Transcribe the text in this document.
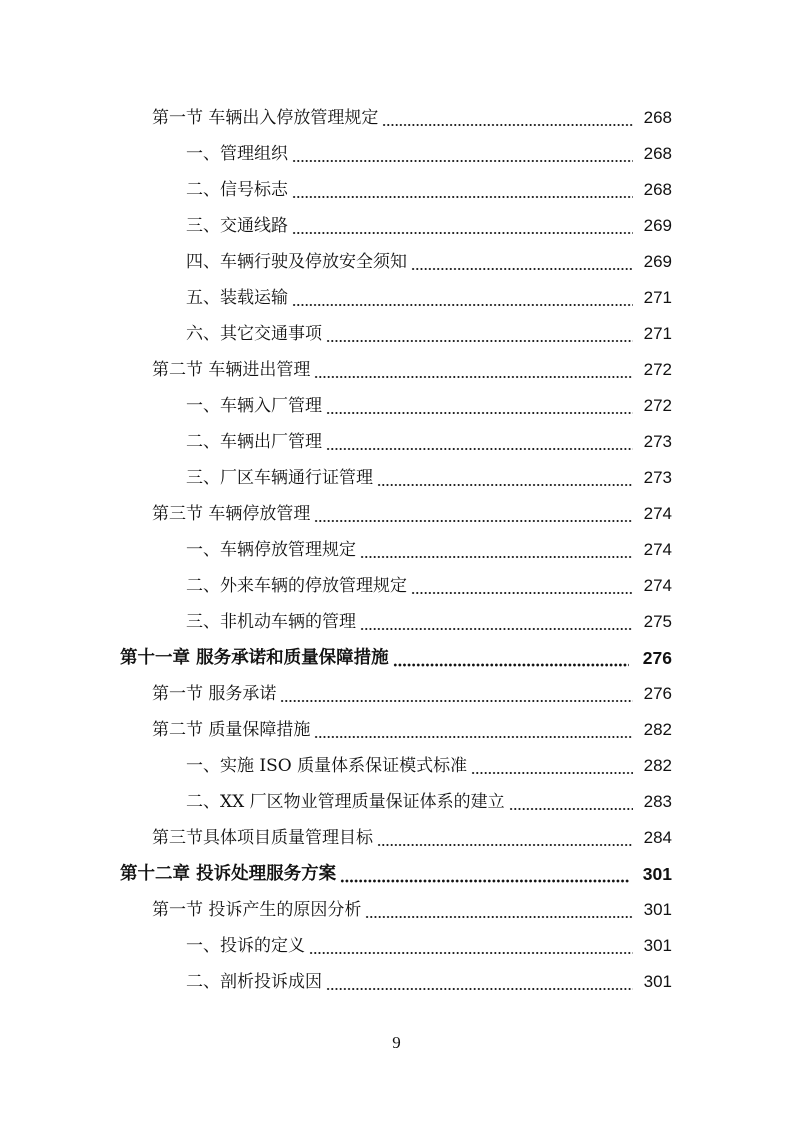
第一节 车辆出入停放管理规定	268
一、管理组织	268
二、信号标志	268
三、交通线路	269
四、车辆行驶及停放安全须知	269
五、装载运输	271
六、其它交通事项	271
第二节 车辆进出管理	272
一、车辆入厂管理	272
二、车辆出厂管理	273
三、厂区车辆通行证管理	273
第三节 车辆停放管理	274
一、车辆停放管理规定	274
二、外来车辆的停放管理规定	274
三、非机动车辆的管理	275
第十一章 服务承诺和质量保障措施	276
第一节 服务承诺	276
第二节 质量保障措施	282
一、实施 ISO 质量体系保证模式标准	282
二、XX 厂区物业管理质量保证体系的建立	283
第三节具体项目质量管理目标	284
第十二章 投诉处理服务方案	301
第一节 投诉产生的原因分析	301
一、投诉的定义	301
二、剖析投诉成因	301
9
